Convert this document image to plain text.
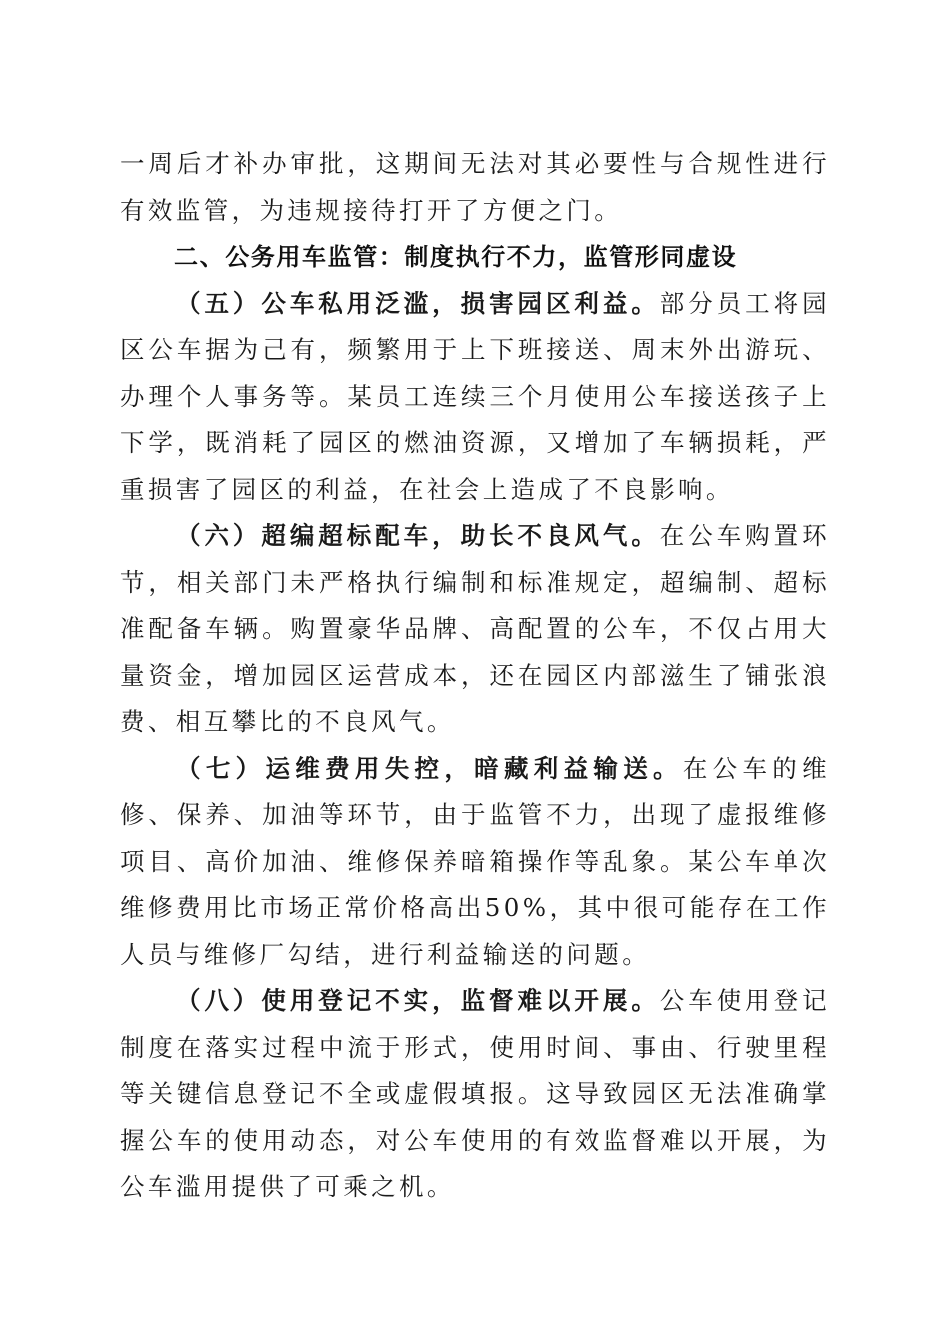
一周后才补办审批，这期间无法对其必要性与合规性进行有效监管，为违规接待打开了方便之门。

二、公务用车监管：制度执行不力，监管形同虚设

（五）公车私用泛滥，损害园区利益。部分员工将园区公车据为己有，频繁用于上下班接送、周末外出游玩、办理个人事务等。某员工连续三个月使用公车接送孩子上下学，既消耗了园区的燃油资源，又增加了车辆损耗，严重损害了园区的利益，在社会上造成了不良影响。

（六）超编超标配车，助长不良风气。在公车购置环节，相关部门未严格执行编制和标准规定，超编制、超标准配备车辆。购置豪华品牌、高配置的公车，不仅占用大量资金，增加园区运营成本，还在园区内部滋生了铺张浪费、相互攀比的不良风气。

（七）运维费用失控，暗藏利益输送。在公车的维修、保养、加油等环节，由于监管不力，出现了虚报维修项目、高价加油、维修保养暗箱操作等乱象。某公车单次维修费用比市场正常价格高出50%，其中很可能存在工作人员与维修厂勾结，进行利益输送的问题。

（八）使用登记不实，监督难以开展。公车使用登记制度在落实过程中流于形式，使用时间、事由、行驶里程等关键信息登记不全或虚假填报。这导致园区无法准确掌握公车的使用动态，对公车使用的有效监督难以开展，为公车滥用提供了可乘之机。
